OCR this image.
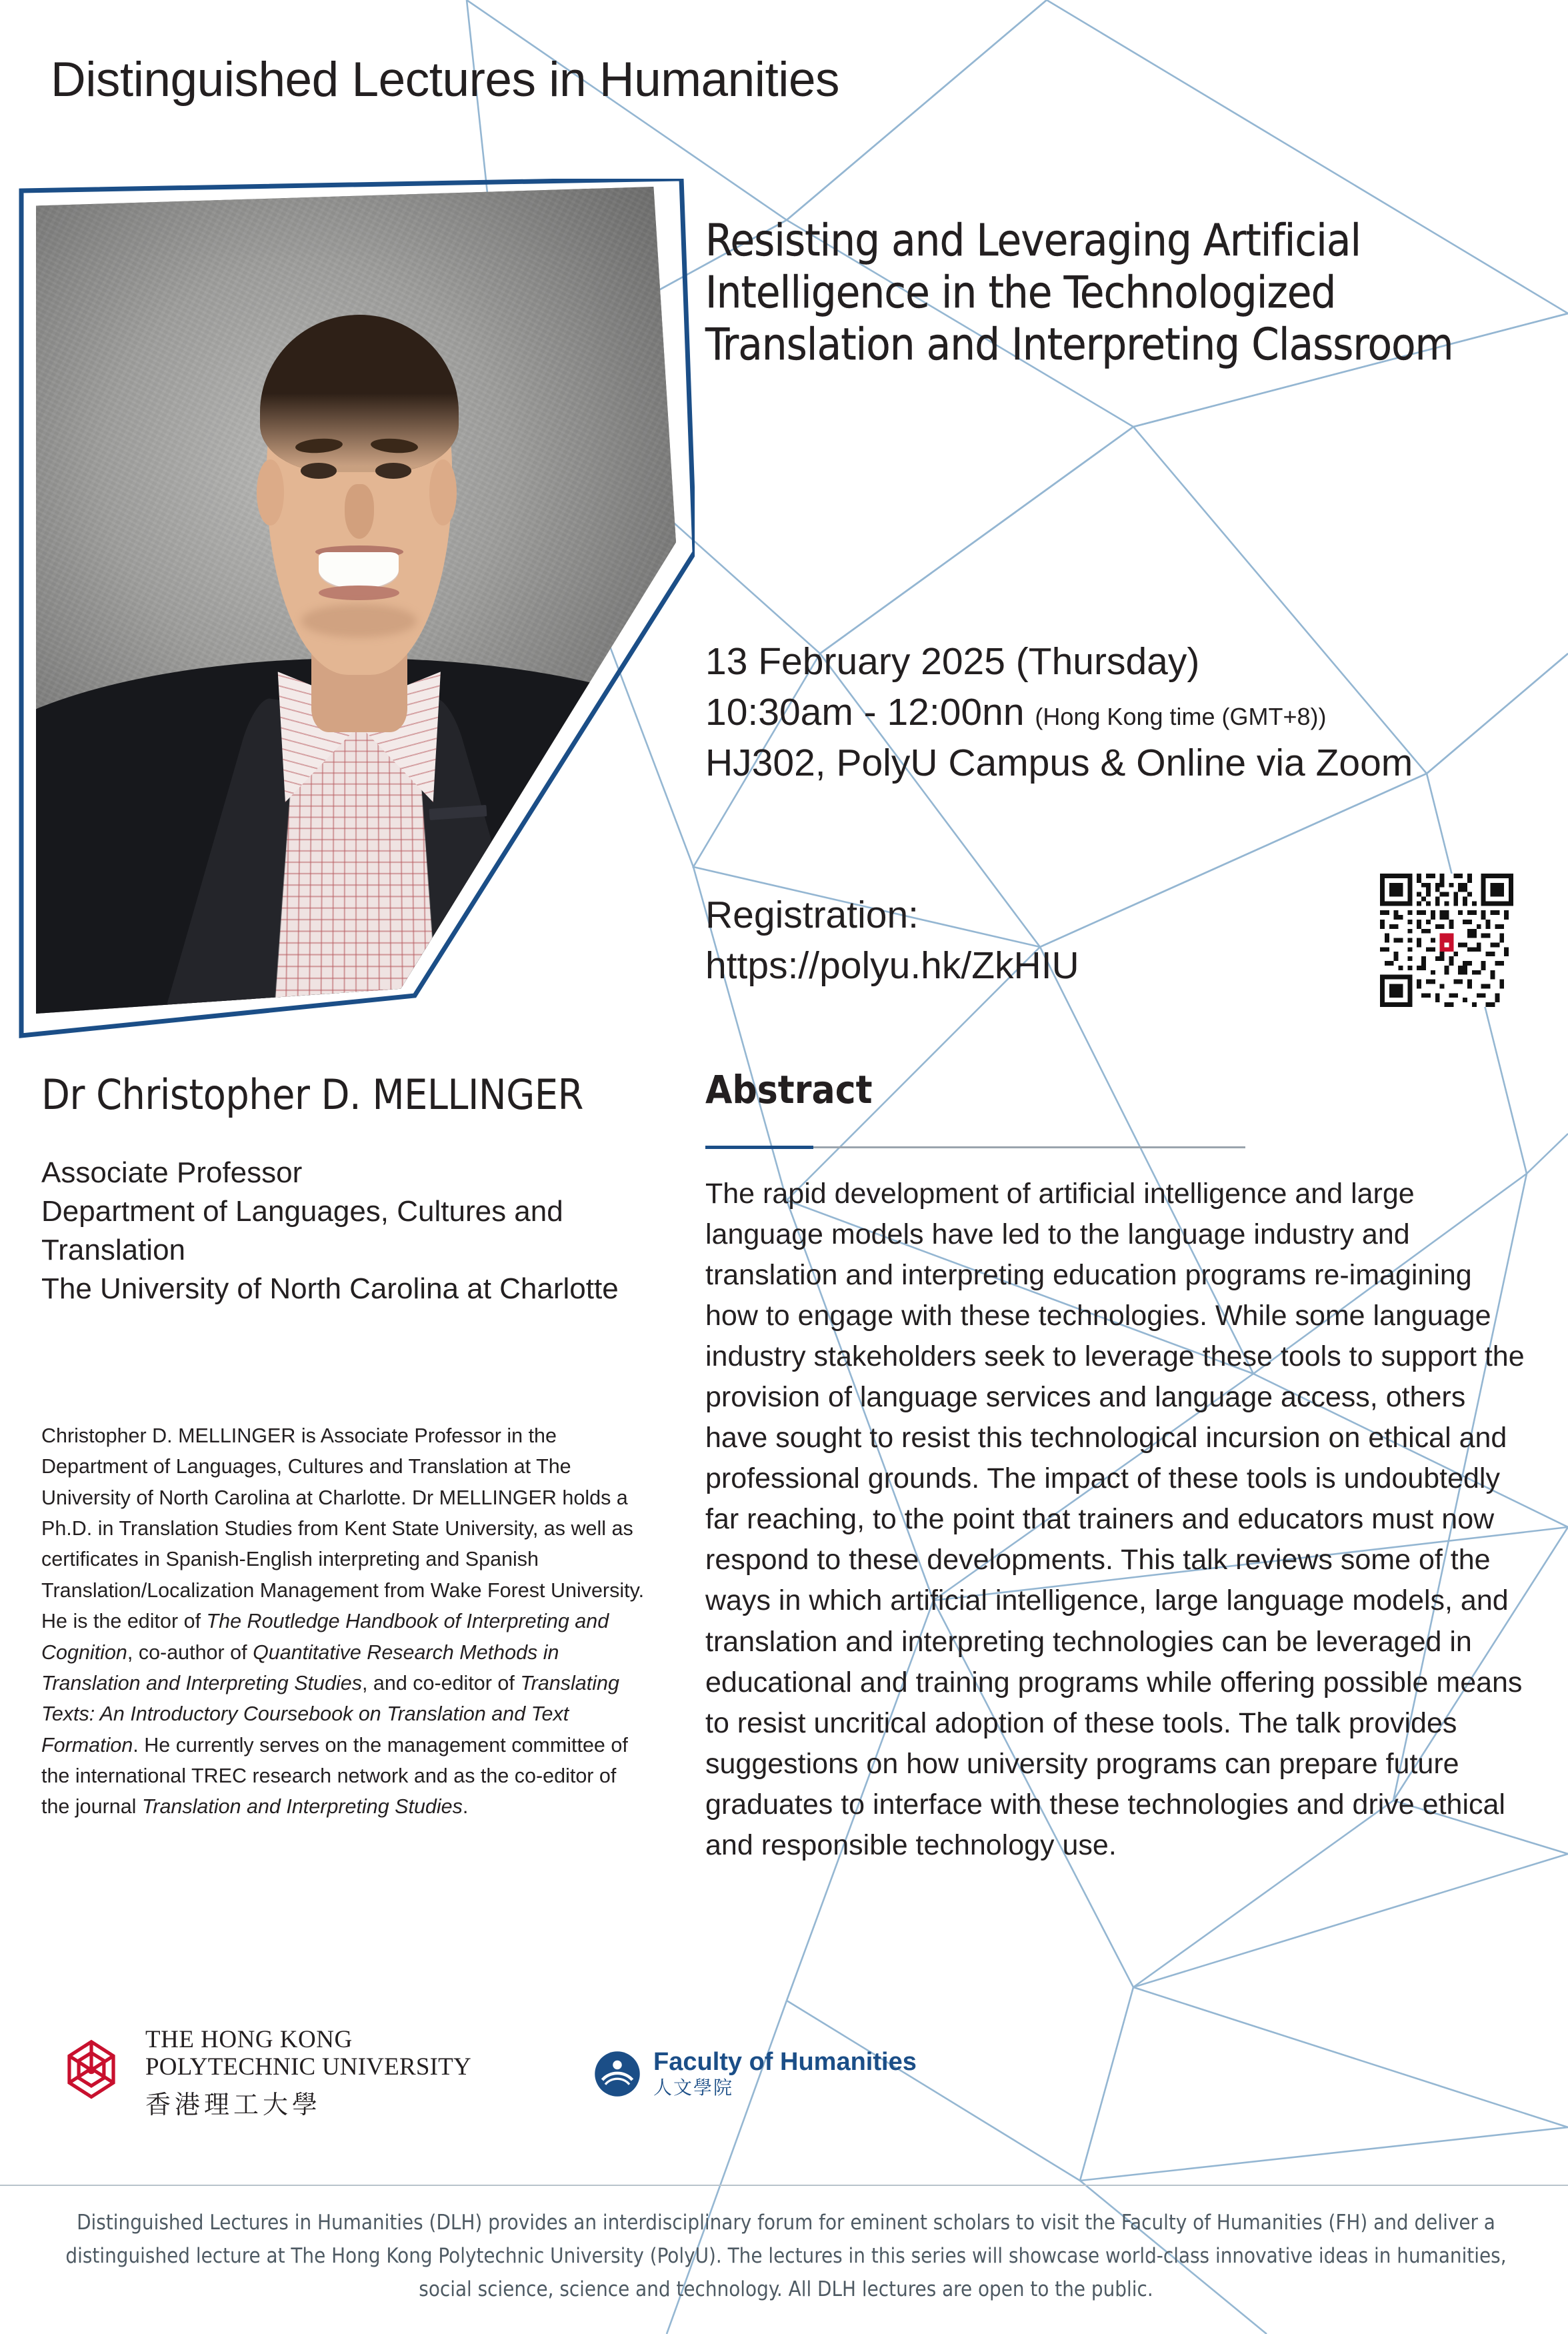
Distinguished Lectures in Humanities
Resisting and Leveraging Artificial Intelligence in the Technologized Translation and Interpreting Classroom
13 February 2025 (Thursday)
10:30am - 12:00nn (Hong Kong time (GMT+8))
HJ302, PolyU Campus & Online via Zoom
Registration:
https://polyu.hk/ZkHIU
Dr Christopher D. MELLINGER
Associate Professor
Department of Languages, Cultures and Translation
The University of North Carolina at Charlotte
Christopher D. MELLINGER is Associate Professor in the Department of Languages, Cultures and Translation at The University of North Carolina at Charlotte. Dr MELLINGER holds a Ph.D. in Translation Studies from Kent State University, as well as certificates in Spanish-English interpreting and Spanish Translation/Localization Management from Wake Forest University. He is the editor of The Routledge Handbook of Interpreting and Cognition, co-author of Quantitative Research Methods in Translation and Interpreting Studies, and co-editor of Translating Texts: An Introductory Coursebook on Translation and Text Formation. He currently serves on the management committee of the international TREC research network and as the co-editor of the journal Translation and Interpreting Studies.
Abstract
The rapid development of artificial intelligence and large language models have led to the language industry and translation and interpreting education programs re-imagining how to engage with these technologies. While some language industry stakeholders seek to leverage these tools to support the provision of language services and language access, others have sought to resist this technological incursion on ethical and professional grounds. The impact of these tools is undoubtedly far reaching, to the point that trainers and educators must now respond to these developments. This talk reviews some of the ways in which artificial intelligence, large language models, and translation and interpreting technologies can be leveraged in educational and training programs while offering possible means to resist uncritical adoption of these tools. The talk provides suggestions on how university programs can prepare future graduates to interface with these technologies and drive ethical and responsible technology use.
THE HONG KONG
POLYTECHNIC UNIVERSITY
香港理工大學
Faculty of Humanities
人文學院
Distinguished Lectures in Humanities (DLH) provides an interdisciplinary forum for eminent scholars to visit the Faculty of Humanities (FH) and deliver a distinguished lecture at The Hong Kong Polytechnic University (PolyU). The lectures in this series will showcase world-class innovative ideas in humanities, social science, science and technology. All DLH lectures are open to the public.
